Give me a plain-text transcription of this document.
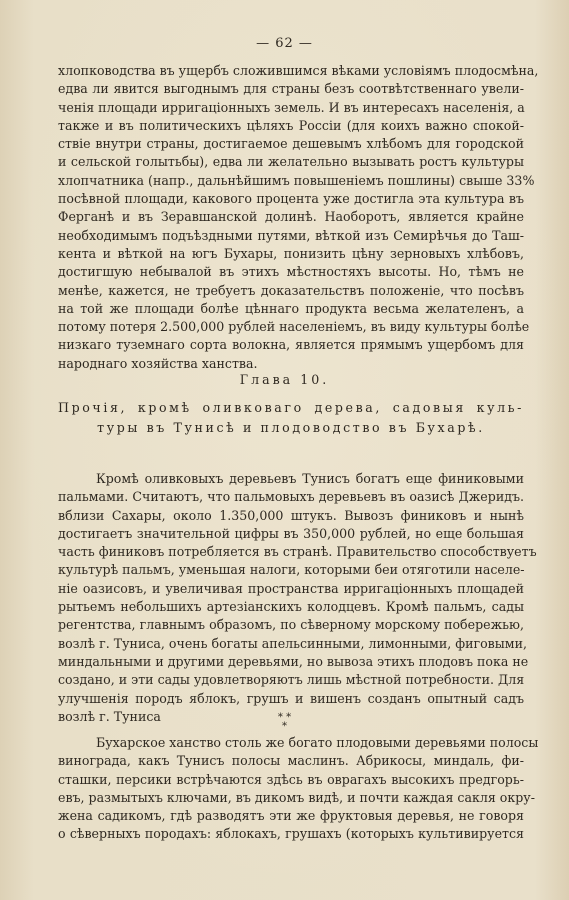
— 62 —
хлопководства въ ущербъ сложившимся вѣками условіямъ плодосмѣна,
едва ли явится выгоднымъ для страны безъ соотвѣтственнаго увели-
ченія площади ирригаціонныхъ земель. И въ интересахъ населенія, а
также и въ политическихъ цѣляхъ Россіи (для коихъ важно спокой-
ствіе внутри страны, достигаемое дешевымъ хлѣбомъ для городской
и сельской голытьбы), едва ли желательно вызывать ростъ культуры
хлопчатника (напр., дальнѣйшимъ повышеніемъ пошлины) свыше 33%
посѣвной площади, какового процента уже достигла эта культура въ
Ферганѣ и въ Зеравшанской долинѣ. Наоборотъ, является крайне
необходимымъ подъѣздными путями, вѣткой изъ Семирѣчья до Таш-
кента и вѣткой на югъ Бухары, понизить цѣну зерновыхъ хлѣбовъ,
достигшую небывалой въ этихъ мѣстностяхъ высоты. Но, тѣмъ не
менѣе, кажется, не требуетъ доказательствъ положеніе, что посѣвъ
на той же площади болѣе цѣннаго продукта весьма желателенъ, а
потому потеря 2.500,000 рублей населеніемъ, въ виду культуры болѣе
низкаго туземнаго сорта волокна, является прямымъ ущербомъ для
народнаго хозяйства ханства.
Глава 10.
Прочія, кромѣ оливковаго дерева, садовыя куль-
туры въ Тунисѣ и плодоводство въ Бухарѣ.
Кромѣ оливковыхъ деревьевъ Тунисъ богатъ еще финиковыми
пальмами. Считаютъ, что пальмовыхъ деревьевъ въ оазисѣ Джеридъ.
вблизи Сахары, около 1.350,000 штукъ. Вывозъ финиковъ и нынѣ
достигаетъ значительной цифры въ 350,000 рублей, но еще большая
часть финиковъ потребляется въ странѣ. Правительство способствуетъ
культурѣ пальмъ, уменьшая налоги, которыми беи отяготили населе-
ніе оазисовъ, и увеличивая пространства ирригаціонныхъ площадей
рытьемъ небольшихъ артезіанскихъ колодцевъ. Кромѣ пальмъ, сады
регентства, главнымъ образомъ, по сѣверному морскому побережью,
возлѣ г. Туниса, очень богаты апельсинными, лимонными, фиговыми,
миндальными и другими деревьями, но вывоза этихъ плодовъ пока не
создано, и эти сады удовлетворяютъ лишь мѣстной потребности. Для
улучшенія породъ яблокъ, грушъ и вишенъ созданъ опытный садъ
возлѣ г. Туниса	* *
*
Бухарское ханство столь же богато плодовыми деревьями полосы
винограда, какъ Тунисъ полосы маслинъ. Абрикосы, миндаль, фи-
сташки, персики встрѣчаются здѣсь въ оврагахъ высокихъ предгорь-
евъ, размытыхъ ключами, въ дикомъ видѣ, и почти каждая сакля окру-
жена садикомъ, гдѣ разводятъ эти же фруктовыя деревья, не говоря
о сѣверныхъ породахъ: яблокахъ, грушахъ (которыхъ культивируется
